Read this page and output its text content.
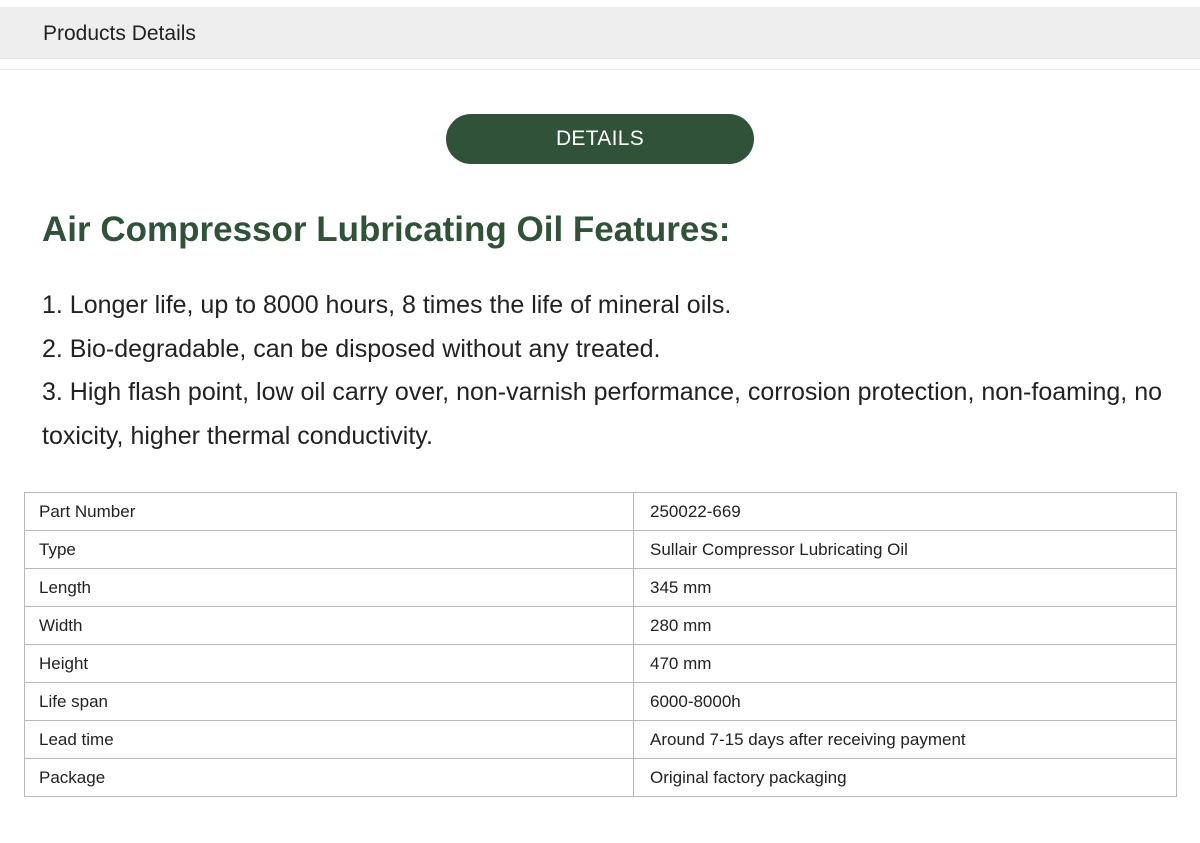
Products Details
DETAILS
Air Compressor Lubricating Oil Features:
1. Longer life, up to 8000 hours, 8 times the life of mineral oils.
2. Bio-degradable, can be disposed without any treated.
3. High flash point, low oil carry over, non-varnish performance, corrosion protection, non-foaming, no toxicity, higher thermal conductivity.
Part Number	250022-669
Type	Sullair Compressor Lubricating Oil
Length	345 mm
Width	280 mm
Height	470 mm
Life span	6000-8000h
Lead time	Around 7-15 days after receiving payment
Package	Original factory packaging
